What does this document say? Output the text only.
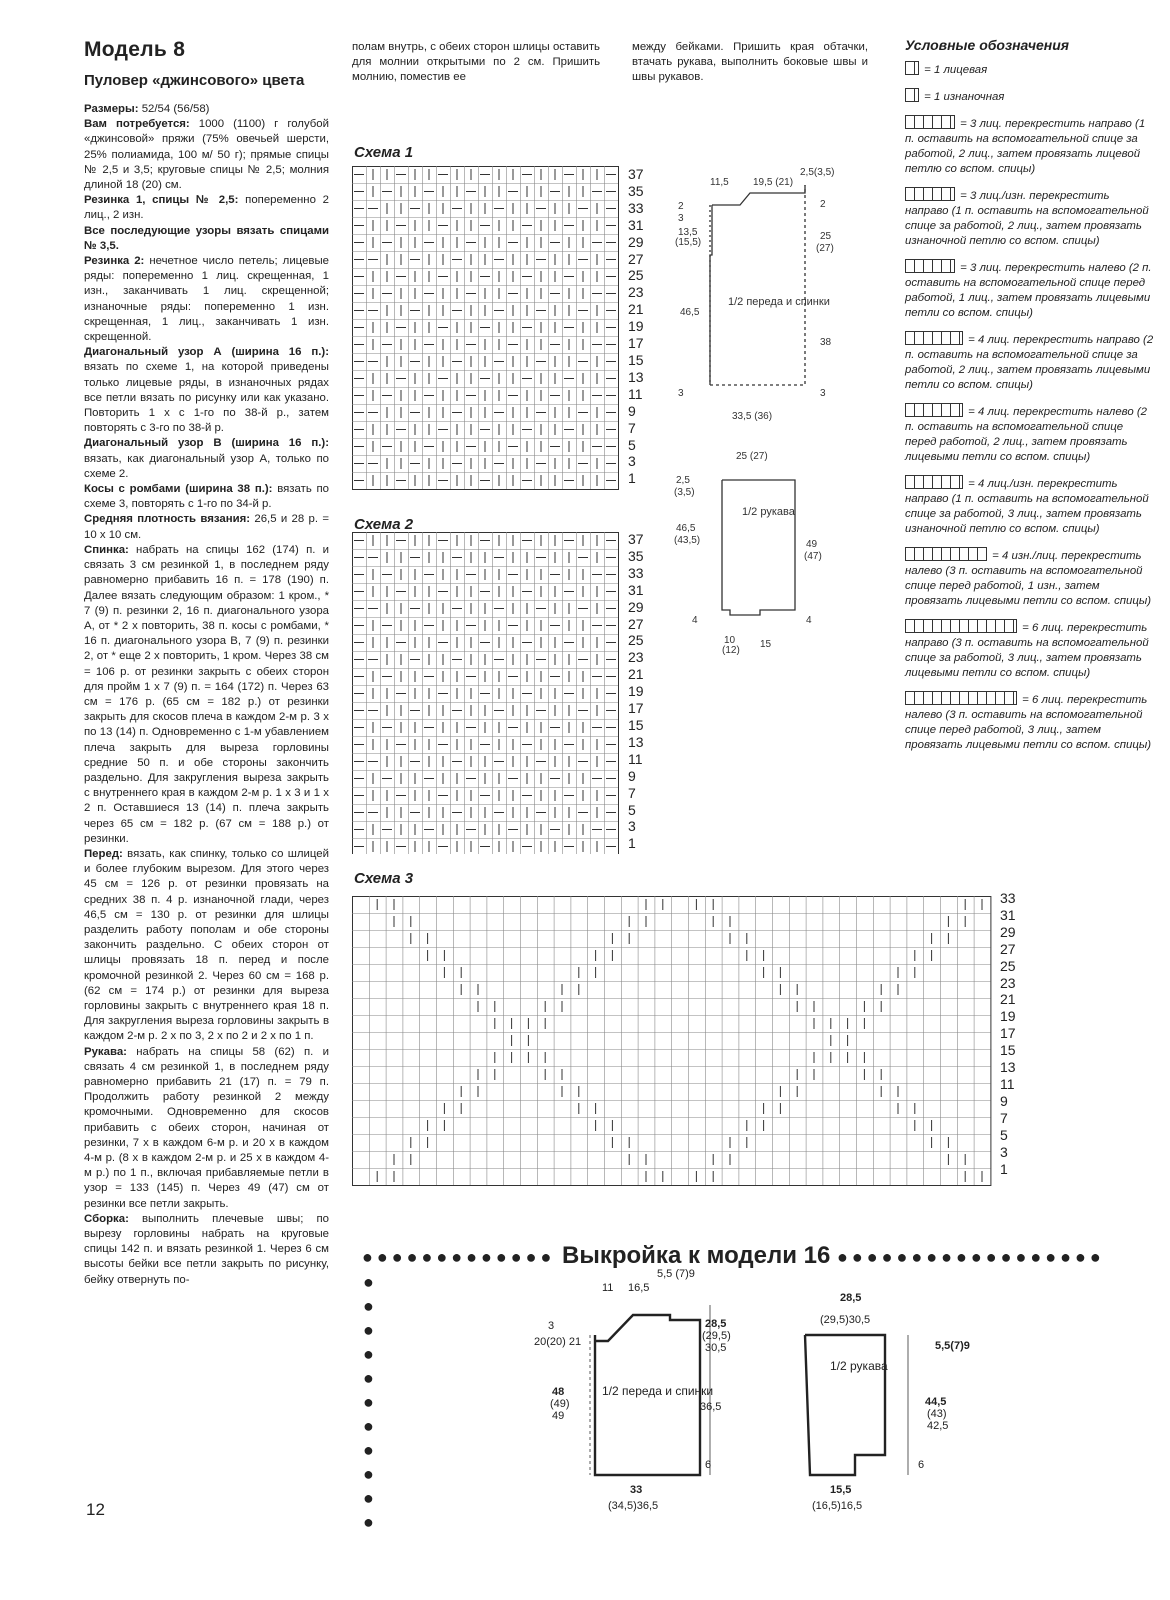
Модель 8
Пуловер «джинсового» цвета

Размеры: 52/54 (56/58)

Вам потребуется: 1000 (1100) г голубой «джинсовой» пряжи (75% овечьей шерсти, 25% полиамида, 100 м/ 50 г); прямые спицы № 2,5 и 3,5; круговые спицы № 2,5; молния длиной 18 (20) см.

Резинка 1, спицы № 2,5: попеременно 2 лиц., 2 изн.

Все последующие узоры вязать спицами № 3,5.

Резинка 2: нечетное число петель; лицевые ряды: попеременно 1 лиц. скрещенная, 1 изн., заканчивать 1 лиц. скрещенной; изнаночные ряды: попеременно 1 изн. скрещенная, 1 лиц., заканчивать 1 изн. скрещенной.

Диагональный узор А (ширина 16 п.): вязать по схеме 1, на которой приведены только лицевые ряды, в изнаночных рядах все петли вязать по рисунку или как указано. Повторить 1 х с 1-го по 38-й р., затем повторять с 3-го по 38-й р.

Диагональный узор В (ширина 16 п.): вязать, как диагональный узор А, только по схеме 2.

Косы с ромбами (ширина 38 п.): вязать по схеме 3, повторять с 1-го по 34-й р.

Средняя плотность вязания: 26,5 и 28 р. = 10 х 10 см.

Спинка: набрать на спицы 162 (174) п. и связать 3 см резинкой 1, в последнем ряду равномерно прибавить 16 п. = 178 (190) п. Далее вязать следующим образом: 1 кром., * 7 (9) п. резинки 2, 16 п. диагонального узора А, от * 2 х повторить, 38 п. косы с ромбами, * 16 п. диагонального узора В, 7 (9) п. резинки 2, от * еще 2 х повторить, 1 кром. Через 38 см = 106 р. от резинки закрыть с обеих сторон для пройм 1 х 7 (9) п. = 164 (172) п. Через 63 см = 176 р. (65 см = 182 р.) от резинки закрыть для скосов плеча в каждом 2-м р. 3 х по 13 (14) п. Одновременно с 1-м убавлением плеча закрыть для выреза горловины средние 50 п. и обе стороны закончить раздельно. Для закругления выреза закрыть с внутреннего края в каждом 2-м р. 1 х 3 и 1 х 2 п. Оставшиеся 13 (14) п. плеча закрыть через 65 см = 182 р. (67 см = 188 р.) от резинки.

Перед: вязать, как спинку, только со шлицей и более глубоким вырезом. Для этого через 45 см = 126 р. от резинки провязать на средних 38 п. 4 р. изнаночной глади, через 46,5 см = 130 р. от резинки для шлицы разделить работу пополам и обе стороны закончить раздельно. С обеих сторон от шлицы провязать 18 п. перед и после кромочной резинкой 2. Через 60 см = 168 р. (62 см = 174 р.) от резинки для выреза горловины закрыть с внутреннего края 18 п. Для закругления выреза горловины закрыть в каждом 2-м р. 2 х по 3, 2 х по 2 и 2 х по 1 п.

Рукава: набрать на спицы 58 (62) п. и связать 4 см резинкой 1, в последнем ряду равномерно прибавить 21 (17) п. = 79 п. Продолжить работу резинкой 2 между кромочными. Одновременно для скосов прибавить с обеих сторон, начиная от резинки, 7 х в каждом 6-м р. и 20 х в каждом 4-м р. (8 х в каждом 2-м р. и 25 х в каждом 4-м р.) по 1 п., включая прибавляемые петли в узор = 133 (145) п. Через 49 (47) см от резинки все петли закрыть.

Сборка: выполнить плечевые швы; по вырезу горловины набрать на круговые спицы 142 п. и вязать резинкой 1. Через 6 см высоты бейки все петли закрыть по рисунку, бейку отвернуть по-

полам внутрь, с обеих сторон шлицы оставить для молнии открытыми по 2 см. Пришить молнию, поместив ее
между бейками. Пришить края обтачки, втачать рукава, выполнить боковые швы и швы рукавов.
Условные обозначения
= 1 лицевая
= 1 изнаночная
= 3 лиц. перекрестить направо (1 п. оставить на вспомогательной спице за работой, 2 лиц., затем провязать лицевой петлю со вспом. спицы)
= 3 лиц./изн. перекрестить направо (1 п. оставить на вспомогательной спице за работой, 2 лиц., затем провязать изнаночной петлю со вспом. спицы)
= 3 лиц. перекрестить налево (2 п. оставить на вспомогательной спице перед работой, 1 лиц., затем провязать лицевыми петли со вспом. спицы)
= 4 лиц. перекрестить направо (2 п. оставить на вспомогательной спице за работой, 2 лиц., затем провязать лицевыми петли со вспом. спицы)
= 4 лиц. перекрестить налево (2 п. оставить на вспомогательной спице перед работой, 2 лиц., затем провязать лицевыми петли со вспом. спицы)
= 4 лиц./изн. перекрестить направо (1 п. оставить на вспомогательной спице за работой, 3 лиц., затем провязать изнаночной петлю со вспом. спицы)
= 4 изн./лиц. перекрестить налево (3 п. оставить на вспомогательной спице перед работой, 1 изн., затем провязать лицевыми петли со вспом. спицы)
= 6 лиц. перекрестить направо (3 п. оставить на вспомогательной спице за работой, 3 лиц., затем провязать лицевыми петли со вспом. спицы)
= 6 лиц. перекрестить налево (3 п. оставить на вспомогательной спице перед работой, 3 лиц., затем провязать лицевыми петли со вспом. спицы)
Схема 1
Схема 2
Схема 3
37
35
33
31
29
27
25
23
21
19
17
15
13
11
9
7
5
3
1
37
35
33
31
29
27
25
23
21
19
17
15
13
11
9
7
5
3
1
33
31
29
27
25
23
21
19
17
15
13
11
9
7
5
3
1
11,5 19,5 (21)
2,5(3,5)
2
3
13,5
(15,5)
46,5
3
2
25
(27)
38
3
1/2 переда и спинки
33,5 (36)
25 (27)
2,5
(3,5)
46,5
(43,5)
4
49
(47)
4
1/2 рукава
10
(12)
15
●●●●●●●●●●●●● Выкройка к модели 16 ●●●●●●●●●●●●●●●●●●
●
●
●
●
●
●
●
●
●
●
●
5,5 (7)9
11 16,5
3
20(20) 21
48
(49)
49
28,5
(29,5)
30,5
36,5
6
1/2 переда и спинки
33
(34,5)36,5
28,5
(29,5)30,5
5,5(7)9
44,5
(43)
42,5
6
1/2 рукава
15,5
(16,5)16,5
12
